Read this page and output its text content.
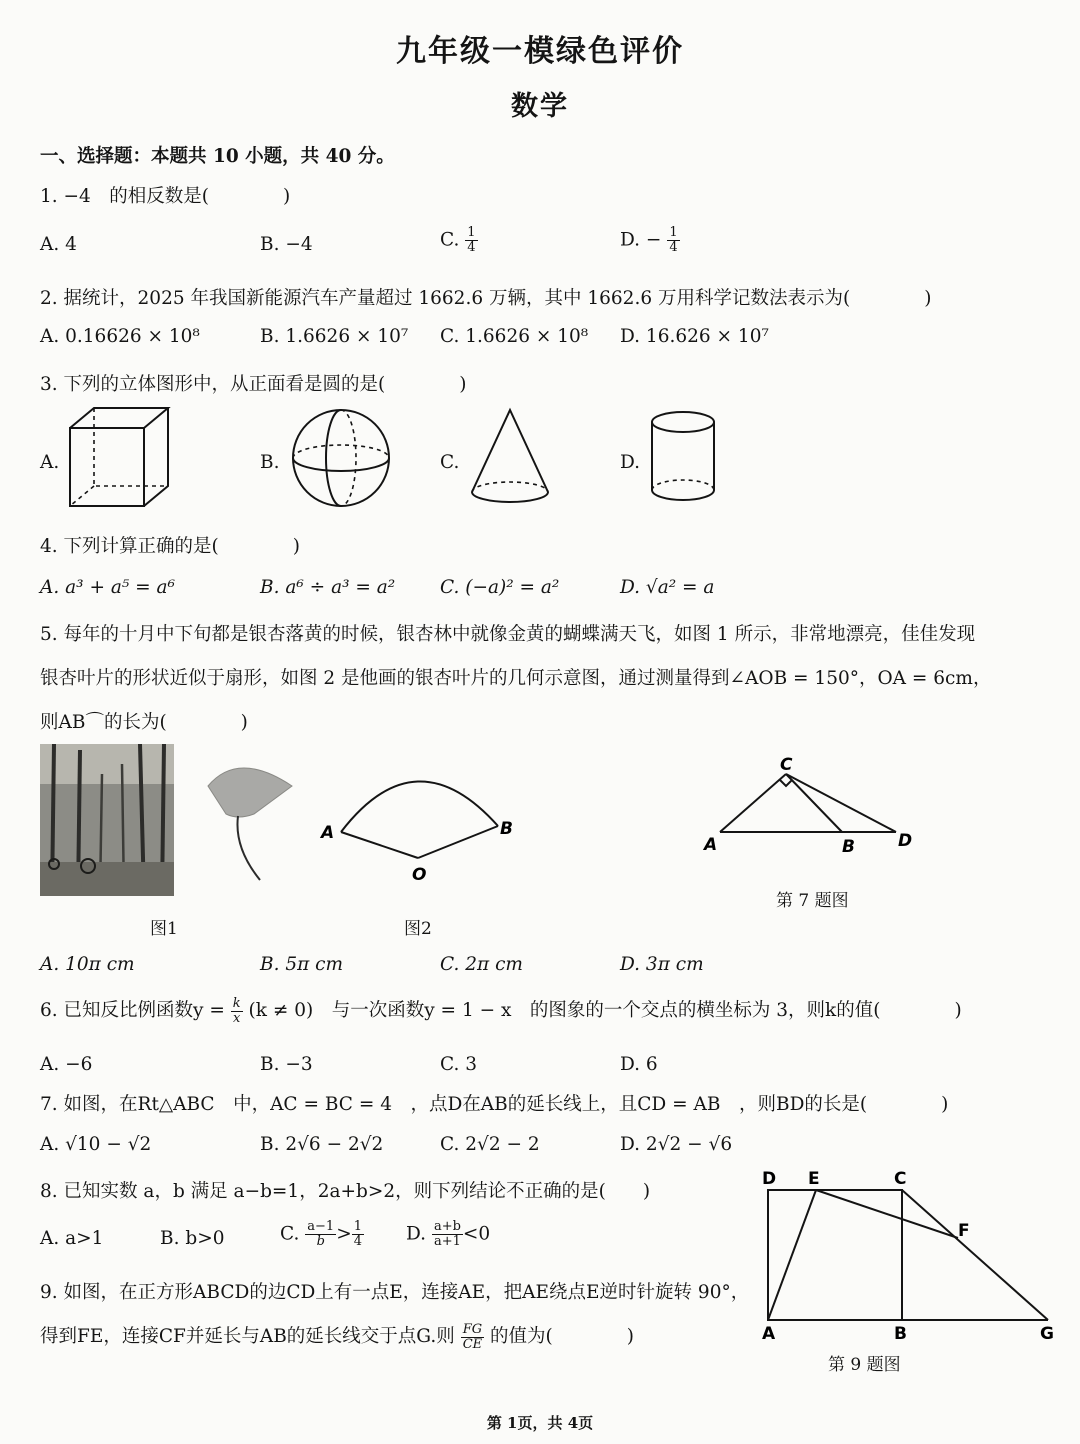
九年级一模绿色评价
数学
一、选择题：本题共 10 小题，共 40 分。
1. −4　的相反数是(　　　　)
A. 4	B. −4	C. $\frac{1}{4}$	D. − $\frac{1}{4}$
2. 据统计，2025 年我国新能源汽车产量超过 1662.6 万辆，其中 1662.6 万用科学记数法表示为(　　　　)
A. 0.16626 × 10⁸	B. 1.6626 × 10⁷ C. 1.6626 × 10⁸ D. 16.626 × 10⁷
3. 下列的立体图形中，从正面看是圆的是(　　　　)
A.	B.	C.	D.
4. 下列计算正确的是(　　　　)
A. a³ + a⁵ = a⁶	B. a⁶ ÷ a³ = a² C. (−a)² = a²	D. √a² = a
5. 每年的十月中下旬都是银杏落黄的时候，银杏林中就像金黄的蝴蝶满天飞，如图 1 所示，非常地漂亮，佳佳发现
银杏叶片的形状近似于扇形，如图 2 是他画的银杏叶片的几何示意图，通过测量得到∠AOB = 150°，OA = 6cm，
则AB⌒的长为(　　　　)
A	B
O
图1	图2
C
A	B	D
第 7 题图
A. 10π cm	B. 5π cm	C. 2π cm	D. 3π cm
6. 已知反比例函数$y = \frac{k}{x} (k \ne 0)$　与一次函数y = 1 − x　的图象的一个交点的横坐标为 3，则k的值(　　　　)
A. −6	B. −3	C. 3	D. 6
7. 如图，在Rt△ABC　中，AC = BC = 4　，点D在AB的延长线上，且CD = AB　，则BD的长是(　　　　)
A. √10 − √2	B. 2√6 − 2√2	C. 2√2 − 2	D. 2√2 − √6
8. 已知实数 a，b 满足 a−b=1，2a+b>2，则下列结论不正确的是(　　)
A. a>1	B. b>0	C. $\frac{a-1}{b} > \frac{1}{4} D$. $\frac{a+b}{a+1} <0$
9. 如图，在正方形ABCD的边CD上有一点E，连接AE，把AE绕点E逆时针旋转 90°，
得到FE，连接CF并延长与AB的延长线交于点G.则 $\frac{FG}{CE}$ 的值为(　　　　)
D E	C
F
A	B	G
第 9 题图
第 1页，共 4页
